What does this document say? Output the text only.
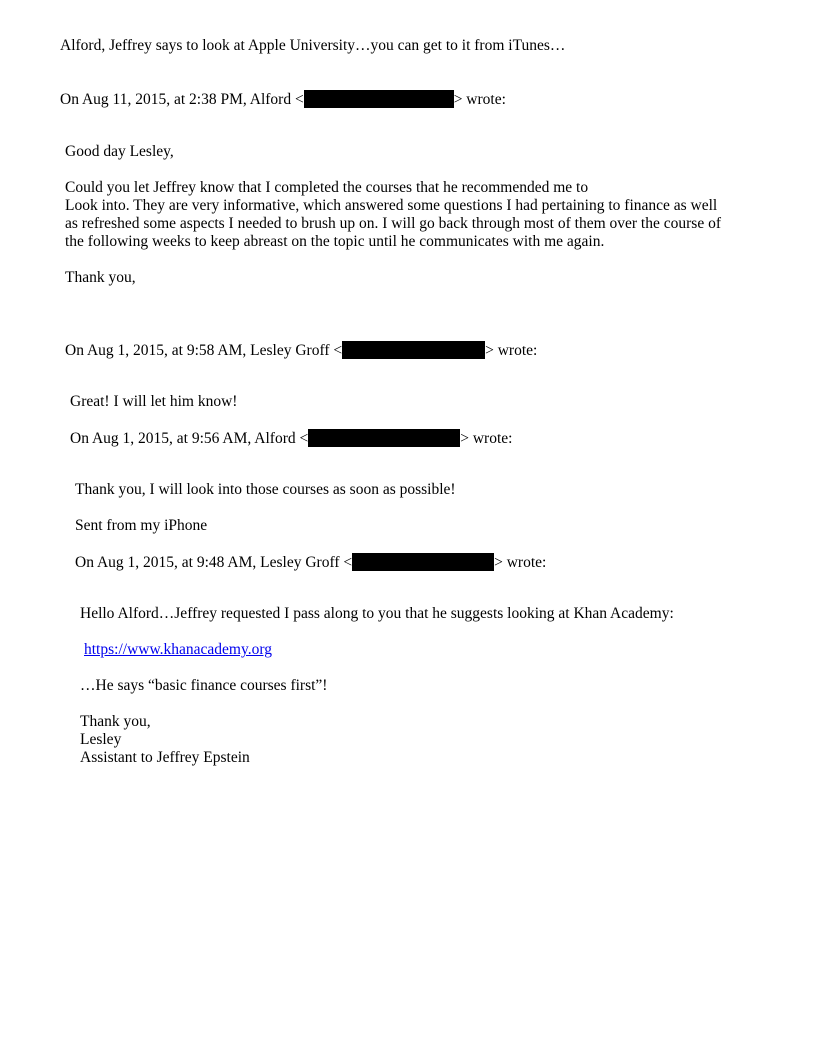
Alford, Jeffrey says to look at Apple University…you can get to it from iTunes…
On Aug 11, 2015, at 2:38 PM, Alford <	> wrote:
Good day Lesley,
Could you let Jeffrey know that I completed the courses that he recommended me to
Look into. They are very informative, which answered some questions I had pertaining to finance as well
as refreshed some aspects I needed to brush up on. I will go back through most of them over the course of
the following weeks to keep abreast on the topic until he communicates with me again.
Thank you,
On Aug 1, 2015, at 9:58 AM, Lesley Groff <	> wrote:
Great! I will let him know!
On Aug 1, 2015, at 9:56 AM, Alford <	> wrote:
Thank you, I will look into those courses as soon as possible!
Sent from my iPhone
On Aug 1, 2015, at 9:48 AM, Lesley Groff <	> wrote:
Hello Alford…Jeffrey requested I pass along to you that he suggests looking at Khan Academy:
https://www.khanacademy.org
…He says “basic finance courses first”!
Thank you,
Lesley
Assistant to Jeffrey Epstein
